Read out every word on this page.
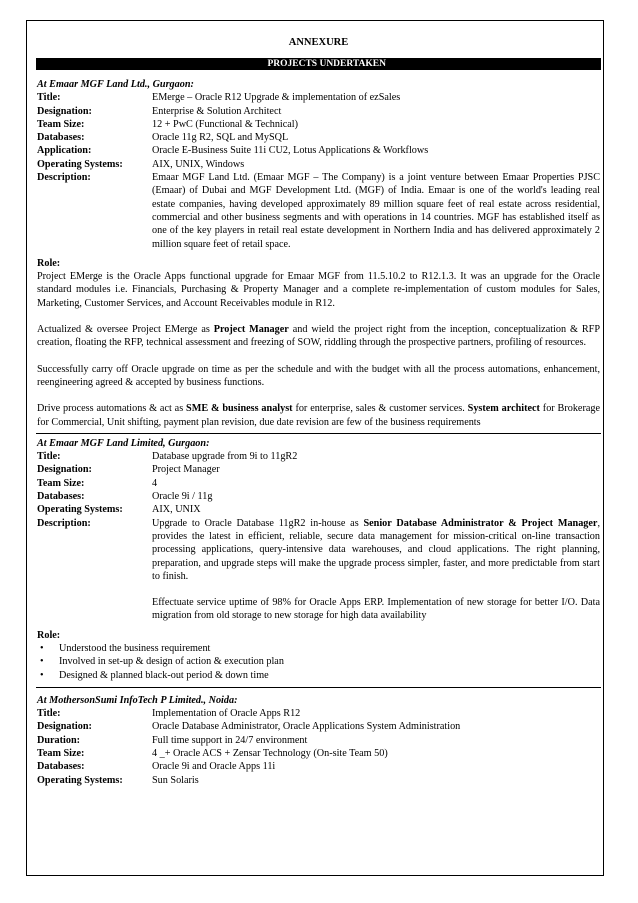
ANNEXURE

PROJECTS UNDERTAKEN
At Emaar MGF Land Ltd., Gurgaon:
Title:	EMerge – Oracle R12 Upgrade & implementation of ezSales
Designation:	Enterprise & Solution Architect
Team Size:	12 + PwC (Functional & Technical)
Databases:	Oracle 11g R2, SQL and MySQL
Application:	Oracle E-Business Suite 11i CU2, Lotus Applications & Workflows
Operating Systems:	AIX, UNIX, Windows
Description:	Emaar MGF Land Ltd. (Emaar MGF – The Company) is a joint venture between Emaar Properties PJSC (Emaar) of Dubai and MGF Development Ltd. (MGF) of India. Emaar is one of the world's leading real estate companies, having developed approximately 89 million square feet of real estate across residential, commercial and other business segments and with operations in 14 countries. MGF has established itself as one of the key players in retail real estate development in Northern India and has delivered approximately 2 million square feet of retail space.
Role:

Project EMerge is the Oracle Apps functional upgrade for Emaar MGF from 11.5.10.2 to R12.1.3. It was an upgrade for the Oracle standard modules i.e. Financials, Purchasing & Property Manager and a complete re-implementation of custom modules for Sales, Marketing, Customer Services, and Account Receivables module in R12.

Actualized & oversee Project EMerge as Project Manager and wield the project right from the inception, conceptualization & RFP creation, floating the RFP, technical assessment and freezing of SOW, riddling through the prospective partners, profiling of resources.

Successfully carry off Oracle upgrade on time as per the schedule and with the budget with all the process automations, enhancement, reengineering agreed & accepted by business functions.

Drive process automations & act as SME & business analyst for enterprise, sales & customer services. System architect for Brokerage for Commercial, Unit shifting, payment plan revision, due date revision are few of the business requirements

At Emaar MGF Land Limited, Gurgaon:
Title:	Database upgrade from 9i to 11gR2
Designation:	Project Manager
Team Size:	4
Databases:	Oracle 9i / 11g
Operating Systems:	AIX, UNIX
Description:	Upgrade to Oracle Database 11gR2 in-house as Senior Database Administrator & Project Manager, provides the latest in efficient, reliable, secure data management for mission-critical on-line transaction processing applications, query-intensive data warehouses, and cloud applications. The right planning, preparation, and upgrade steps will make the upgrade process simpler, faster, and more predictable from start to finish.
Effectuate service uptime of 98% for Oracle Apps ERP. Implementation of new storage for better I/O. Data migration from old storage to new storage for high data availability
Role:
• Understood the business requirement
• Involved in set-up & design of action & execution plan
• Designed & planned black-out period & down time
At MothersonSumi InfoTech P Limited., Noida:
Title:	Implementation of Oracle Apps R12
Designation:	Oracle Database Administrator, Oracle Applications System Administration
Duration:	Full time support in 24/7 environment
Team Size:	4 _+ Oracle ACS + Zensar Technology (On-site Team 50)
Databases:	Oracle 9i and Oracle Apps 11i
Operating Systems:	Sun Solaris
